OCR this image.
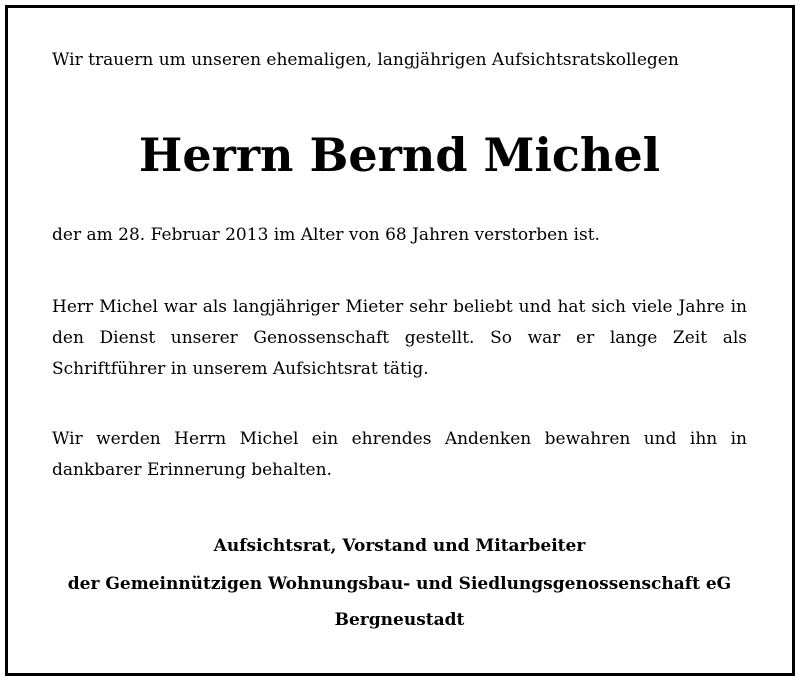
Wir trauern um unseren ehemaligen, langjährigen Aufsichtsratskollegen
Herrn Bernd Michel
der am 28. Februar 2013 im Alter von 68 Jahren verstorben ist.
Herr Michel war als langjähriger Mieter sehr beliebt und hat sich viele Jahre in den Dienst unserer Genossenschaft gestellt. So war er lange Zeit als Schriftführer in unserem Aufsichtsrat tätig.
Wir werden Herrn Michel ein ehrendes Andenken bewahren und ihn in dankbarer Erinnerung behalten.
Aufsichtsrat, Vorstand und Mitarbeiter
der Gemeinnützigen Wohnungsbau- und Siedlungsgenossenschaft eG
Bergneustadt
